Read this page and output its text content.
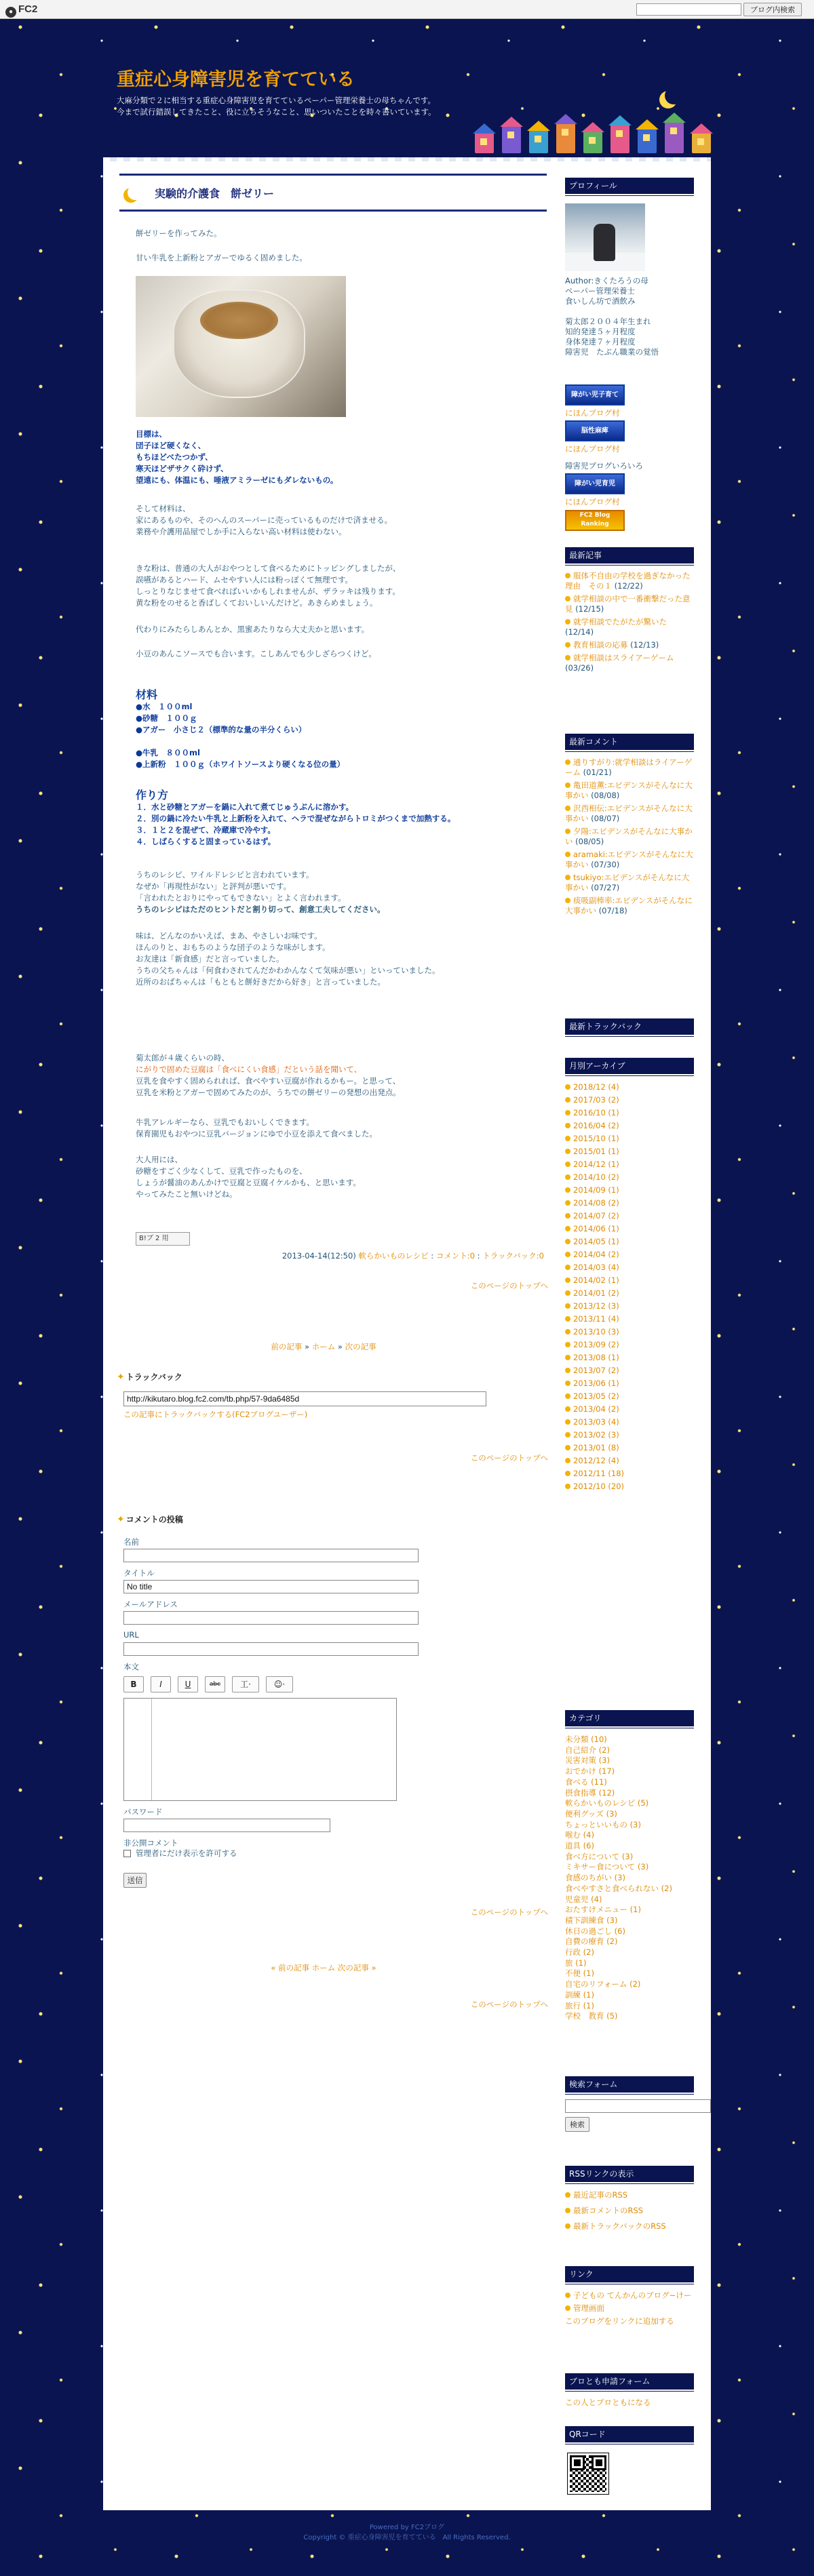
● FC2	ブログ内検索
重症心身障害児を育てている
大麻分類で２に相当する重症心身障害児を育てているペーパー管理栄養士の母ちゃんです。
今まで試行錯誤してきたこと、役に立ちそうなこと、思いついたことを時々書いています。
実験的介護食　餅ゼリー
餅ゼリーを作ってみた。
甘い牛乳を上新粉とアガーでゆるく固めました。

目標は、

団子ほど硬くなく、

もちほどべたつかず、

寒天ほどザサクく砕けず、

望遠にも、体温にも、唾液アミラーゼにもダレないもの。

そして材料は、

家にあるものや、そのへんのスーパーに売っているものだけで済ませる。

業務や介護用品屋でしか手に入らない高い材料は使わない。

きな粉は、普通の大人がおやつとして食べるためにトッピングしましたが、

誤嚥があるとハード、ムセやすい人には粉っぽくて無理です。

しっとりなじませて食べればいいかもしれませんが、ザラッキは残ります。

黄な粉をのせると香ばしくておいしいんだけど。あきらめましょう。

代わりにみたらしあんとか、黒蜜あたりなら大丈夫かと思います。
小豆のあんこソースでも合います。こしあんでも少しざらつくけど。
材料

●水　１００ml

●砂糖　１００ｇ

●アガー　小さじ２（標準的な量の半分くらい）

●牛乳　８００ml

●上新粉　１００ｇ（ホワイトソースより硬くなる位の量）

作り方

１．水と砂糖とアガーを鍋に入れて煮てじゅうぶんに溶かす。

２．別の鍋に冷たい牛乳と上新粉を入れて、ヘラで混ぜながらトロミがつくまで加熱する。

３．１と２を混ぜて、冷蔵庫で冷やす。

４．しばらくすると固まっているはず。

うちのレシピ、ワイルドレシピと言われています。

なぜか「再現性がない」と評判が悪いです。

「言われたとおりにやってもできない」とよく言われます。

うちのレシピはただのヒントだと割り切って、創意工夫してください。

味は、どんなのかいえば、まあ、やさしいお味です。

ほんのりと、おもちのような団子のような味がします。

お友達は「新食感」だと言っていました。

うちの父ちゃんは「何食わされてんだかわかんなくて気味が悪い」といっていました。

近所のおばちゃんは「もともと餅好きだから好き」と言っていました。

菊太郎が４歳くらいの時、

にがりで固めた豆腐は「食べにくい食感」だという話を聞いて、

豆乳を食やすく固められれば、食べやすい豆腐が作れるかもー。と思って、

豆乳を米粉とアガーで固めてみたのが、うちでの餅ゼリーの発想の出発点。

牛乳アレルギーなら、豆乳でもおいしくできます。

保育園児もおやつに豆乳バージョンにゆで小豆を添えて食べました。

大人用には、

砂糖をすごく少なくして、豆乳で作ったものを、

しょうが醤油のあんかけで豆腐と豆腐イケルかも、と思います。

やってみたこと無いけどね。

B!ブ 2 用
2013-04-14(12:50) 軟らかいものレシピ : コメント:0 : トラックバック:0
このページのトップへ
前の記事 » ホーム » 次の記事
✦ トラックバック
http://kikutaro.blog.fc2.com/tb.php/57-9da6485d
この記事にトラックバックする(FC2ブログユーザー)
このページのトップへ
✦ コメントの投稿
名前
タイトル
No title
メールアドレス
URL
本文
B	I	U	abc	工·	☺·
パスワード
非公開コメント
管理者にだけ表示を許可する
送信
このページのトップへ
« 前の記事 ホーム 次の記事 »
このページのトップへ
プロフィール
Author:きくたろうの母
ペーパー管理栄養士
食いしん坊で酒飲み

菊太郎２００４年生まれ
知的発達５ヶ月程度
身体発達７ヶ月程度
障害児　たぶん職業の覚悟
障がい児子育て
にほんブログ村
脳性麻痺
にほんブログ村
障害児ブログいろいろ
障がい児育児
にほんブログ村
FC2 Blog Ranking
最新記事
服体不自由の学校を過ぎなかった理由　その１ (12/22)
就学相談の中で一番衝撃だった意見 (12/15)
就学相談でたがたが驚いた (12/14)
教育相談の応募 (12/13)
就学相談はスライアーゲーム (03/26)
最新コメント
通りすがり:就学相談はライアーゲーム (01/21)
亀田道薫:エビデンスがそんなに大事かい (08/08)
沢西相伝:エビデンスがそんなに大事かい (08/07)
夕陽:エビデンスがそんなに大事かい (08/05)
aramaki:エビデンスがそんなに大事かい (07/30)
tsukiyo:エビデンスがそんなに大事かい (07/27)
痰吸副棒率:エビデンスがそんなに大事かい (07/18)
最新トラックバック
月別アーカイブ
2018/12 (4)
2017/03 (2)
2016/10 (1)
2016/04 (2)
2015/10 (1)
2015/01 (1)
2014/12 (1)
2014/10 (2)
2014/09 (1)
2014/08 (2)
2014/07 (2)
2014/06 (1)
2014/05 (1)
2014/04 (2)
2014/03 (4)
2014/02 (1)
2014/01 (2)
2013/12 (3)
2013/11 (4)
2013/10 (3)
2013/09 (2)
2013/08 (1)
2013/07 (2)
2013/06 (1)
2013/05 (2)
2013/04 (2)
2013/03 (4)
2013/02 (3)
2013/01 (8)
2012/12 (4)
2012/11 (18)
2012/10 (20)
カテゴリ
未分類 (10)
自己紹介 (2)
災害対策 (3)
おでかけ (17)
食べる (11)
摂食指導 (12)
軟らかいものレシピ (5)
便利グッズ (3)
ちょっといいもの (3)
喉む (4)
道具 (6)
食べ方について (3)
ミキサー食について (3)
食感のちがい (3)
食べやすさと食べられない (2)
児童児 (4)
おたすけメニュー (1)
積下訓練食 (3)
休日の過ごし (6)
自費の療育 (2)
行政 (2)
旅 (1)
不便 (1)
自宅のリフォーム (2)
訓練 (1)
旅行 (1)
学校　教育 (5)
検索フォーム
検索
RSSリンクの表示
最近記事のRSS
最新コメントのRSS
最新トラックバックのRSS
リンク
子どもの てんかんのブログ~けー
管理画面
このブログをリンクに追加する
ブロとも申請フォーム
この人とブロともになる
QRコード
Powered by FC2ブログ
Copyright © 重症心身障害児を育てている　All Rights Reserved.
